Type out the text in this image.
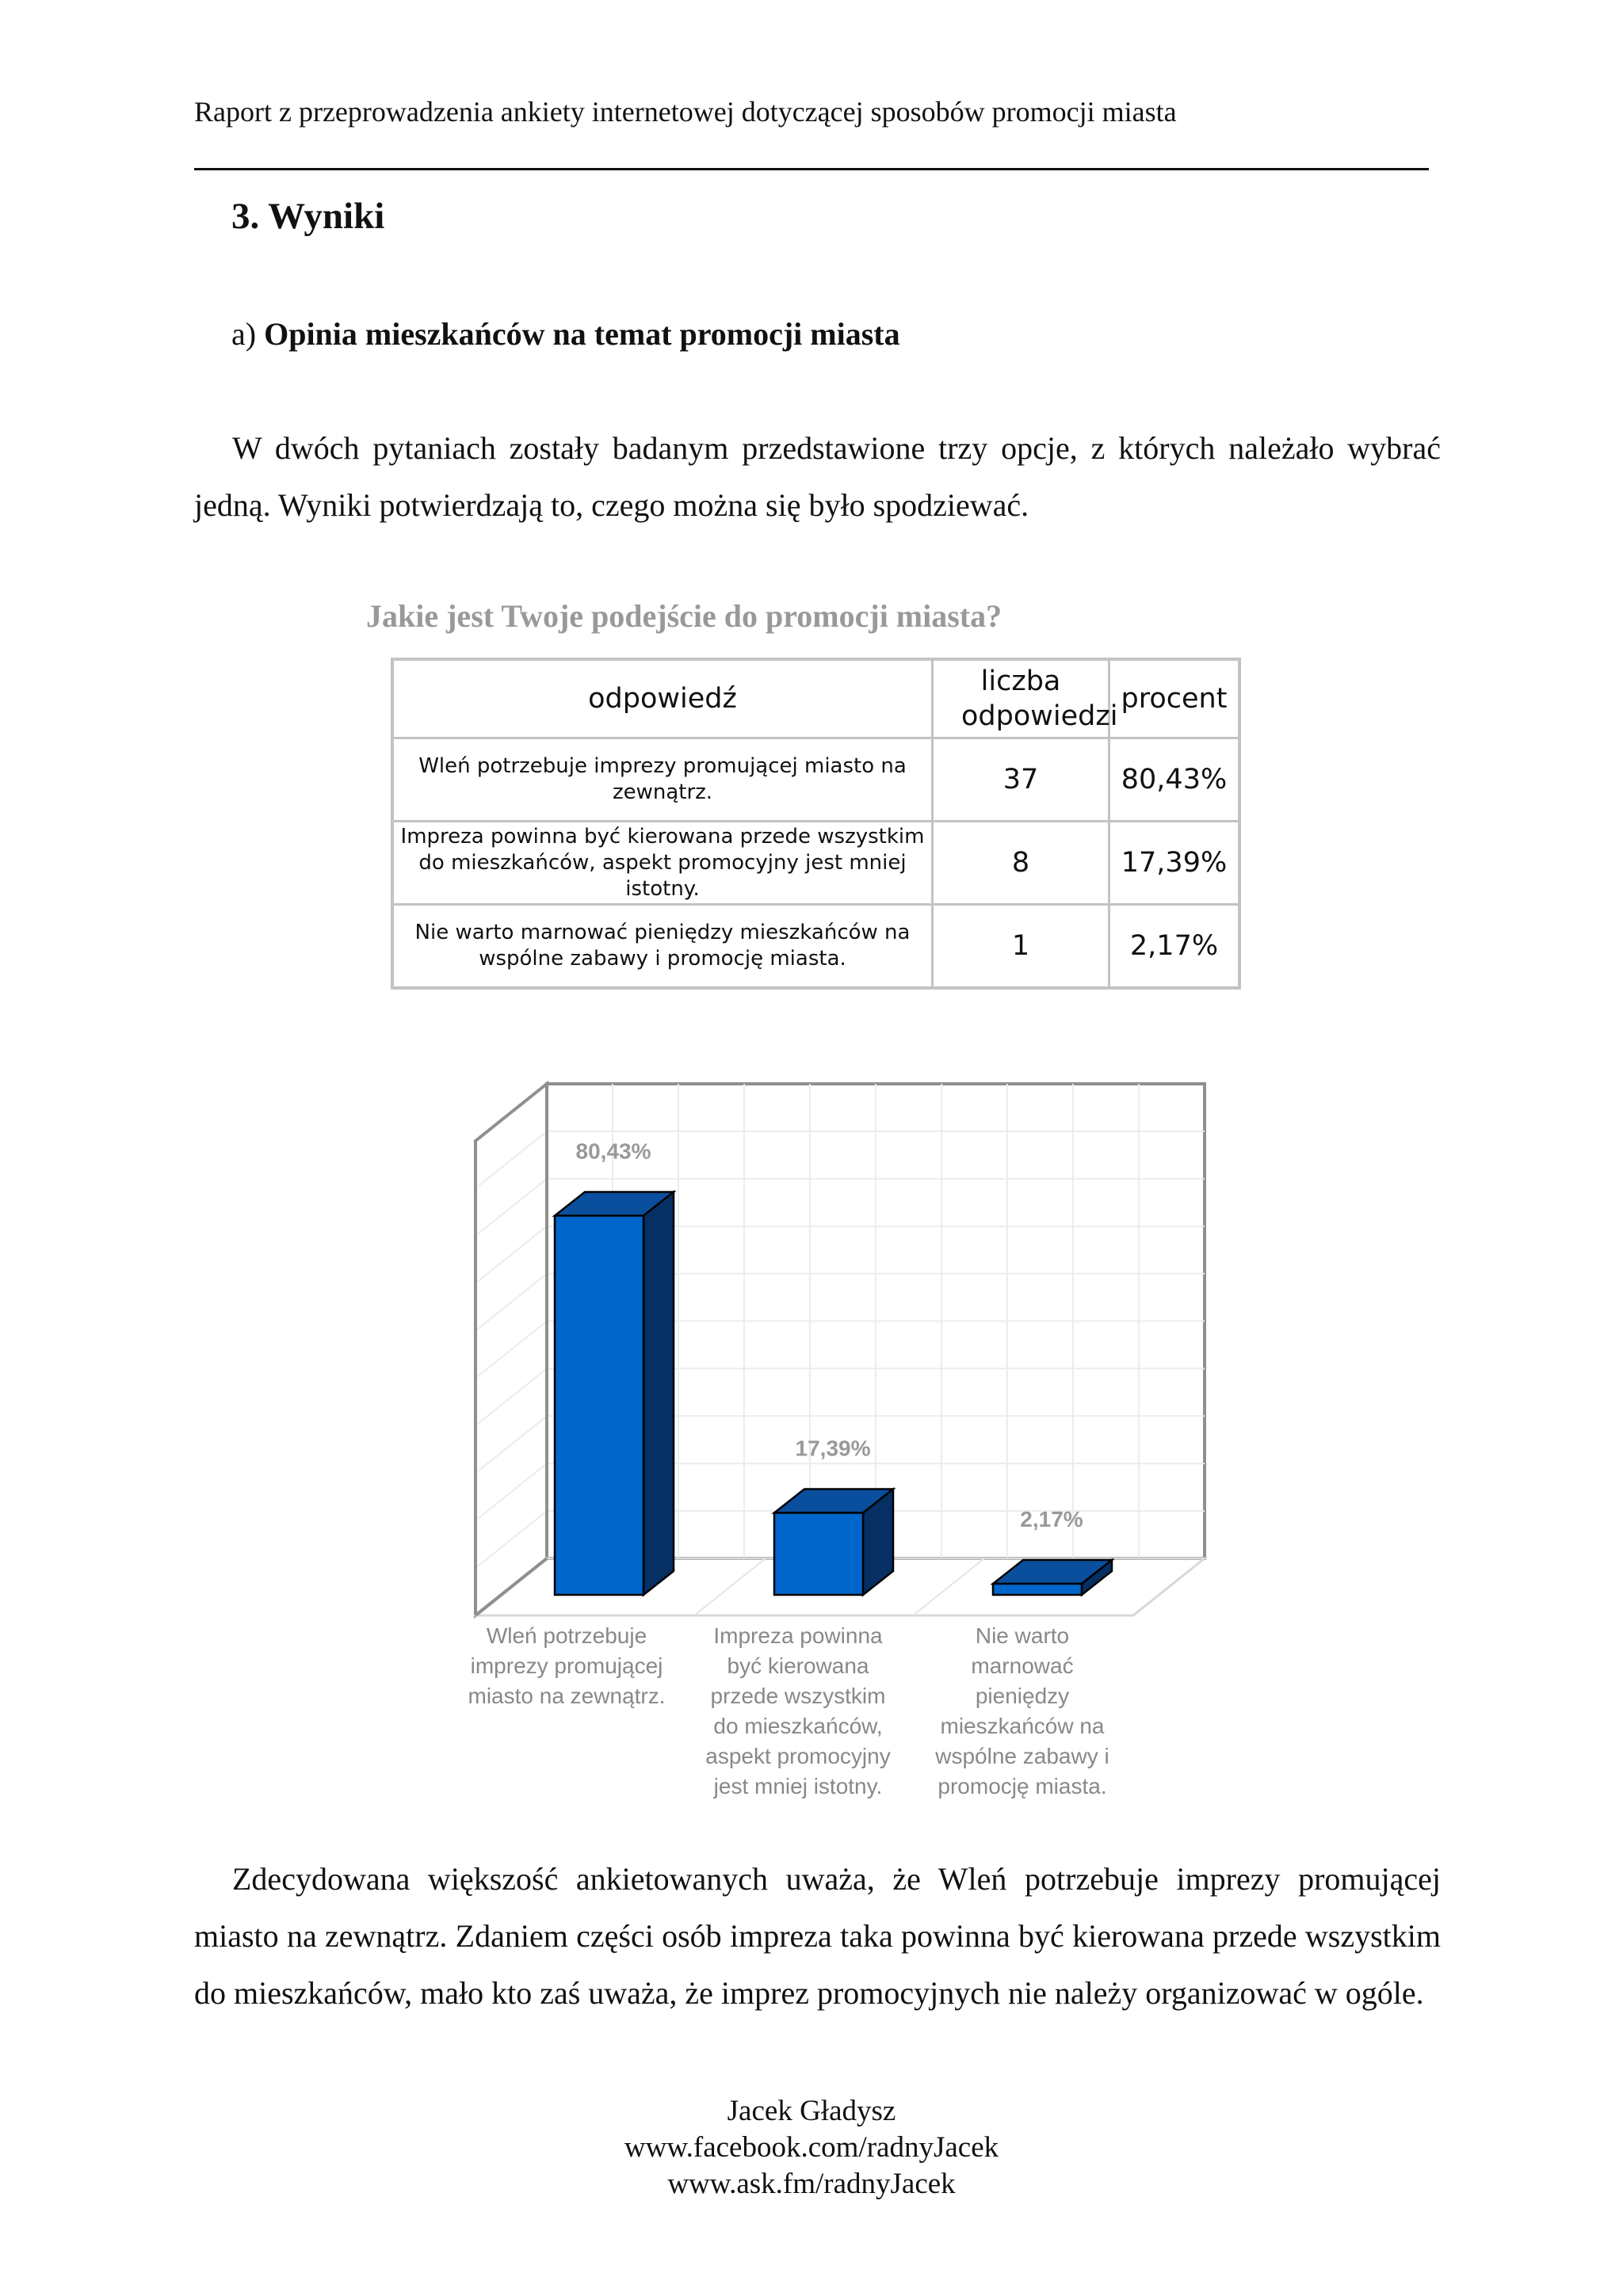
Raport z przeprowadzenia ankiety internetowej dotyczącej sposobów promocji miasta
3. Wyniki
a) Opinia mieszkańców na temat promocji miasta
W dwóch pytaniach zostały badanym przedstawione trzy opcje, z których należało wybrać jedną. Wyniki potwierdzają to, czego można się było spodziewać.
Jakie jest Twoje podejście do promocji miasta?
odpowiedź	liczba odpowiedzi	procent
Wleń potrzebuje imprezy promującej miasto na zewnątrz.	37	80,43%
Impreza powinna być kierowana przede wszystkim do mieszkańców, aspekt promocyjny jest mniej istotny.	8	17,39%
Nie warto marnować pieniędzy mieszkańców na wspólne zabawy i promocję miasta.	1	2,17%
80,43%
17,39%
2,17%
Wleń potrzebuje
imprezy promującej
miasto na zewnątrz.
Impreza powinna
być kierowana
przede wszystkim
do mieszkańców,
aspekt promocyjny
jest mniej istotny.
Nie warto
marnować
pieniędzy
mieszkańców na
wspólne zabawy i
promocję miasta.
Zdecydowana większość ankietowanych uważa, że Wleń potrzebuje imprezy promującej miasto na zewnątrz. Zdaniem części osób impreza taka powinna być kierowana przede wszystkim do mieszkańców, mało kto zaś uważa, że imprez promocyjnych nie należy organizować w ogóle.
Jacek Gładysz
www.facebook.com/radnyJacek
www.ask.fm/radnyJacek
